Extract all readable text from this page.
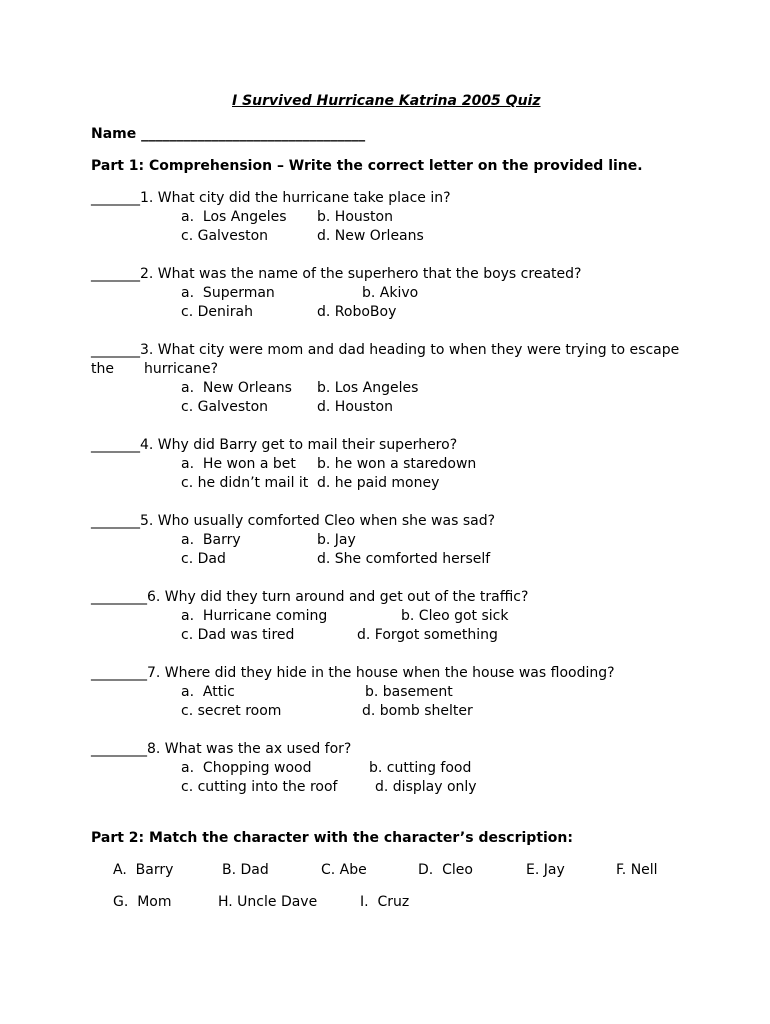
I Survived Hurricane Katrina 2005 Quiz
Name ________________________________
Part 1: Comprehension – Write the correct letter on the provided line.
_______1. What city did the hurricane take place in?
a.  Los Angeles b. Houston
c. Galveston	d. New Orleans
_______2. What was the name of the superhero that the boys created?
a.  Superman	b. Akivo
c. Denirah	d. RoboBoy
_______3. What city were mom and dad heading to when they were trying to escape
the hurricane?
a.  New Orleans b. Los Angeles
c. Galveston	d. Houston
_______4. Why did Barry get to mail their superhero?
a.  He won a bet b. he won a staredown
c. he didn’t mail it d. he paid money
_______5. Who usually comforted Cleo when she was sad?
a.  Barry	b. Jay
c. Dad	d. She comforted herself
________6. Why did they turn around and get out of the traffic?
a.  Hurricane coming	b. Cleo got sick
c. Dad was tired	d. Forgot something
________7. Where did they hide in the house when the house was flooding?
a.  Attic	b. basement
c. secret room	d. bomb shelter
________8. What was the ax used for?
a.  Chopping wood	b. cutting food
c. cutting into the roof	d. display only
Part 2: Match the character with the character’s description:
A.  Barry	B. Dad	C. Abe	D.  Cleo	E. Jay	F. Nell
G.  Mom	H. Uncle Dave	I.  Cruz
